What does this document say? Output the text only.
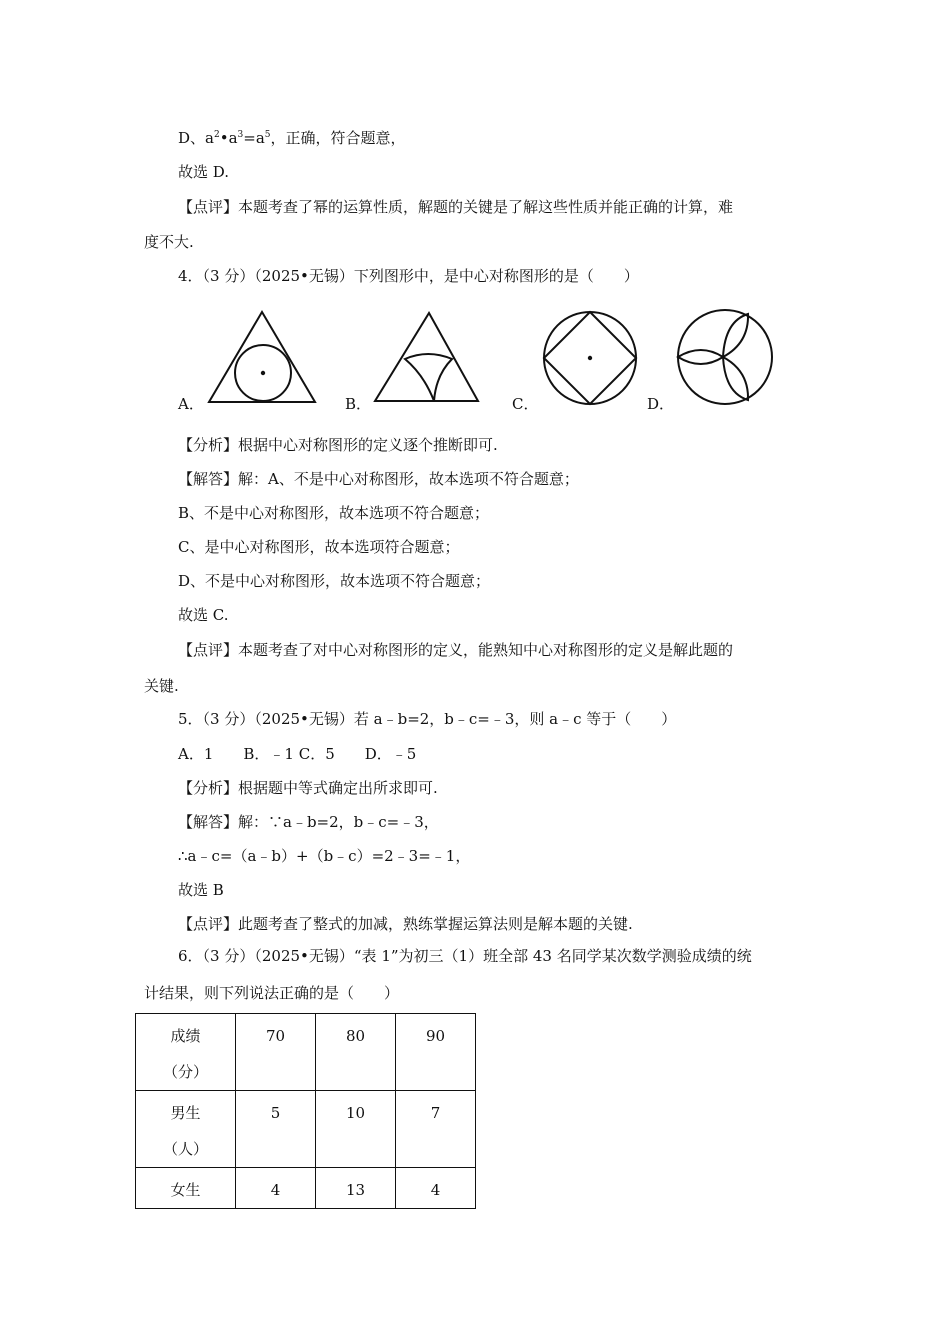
D、$a^2•a^3=a^5$，正确，符合题意，
故选 D.
【点评】本题考查了幂的运算性质，解题的关键是了解这些性质并能正确的计算，难
度不大.
4．（3 分）（2025•无锡）下列图形中，是中心对称图形的是（　　）
A．	B．	C．	D．
【分析】根据中心对称图形的定义逐个推断即可.
【解答】解：A、不是中心对称图形，故本选项不符合题意；
B、不是中心对称图形，故本选项不符合题意；
C、是中心对称图形，故本选项符合题意；
D、不是中心对称图形，故本选项不符合题意；
故选 C.
【点评】本题考查了对中心对称图形的定义，能熟知中心对称图形的定义是解此题的
关键.
5．（3 分）（2025•无锡）若 a﹣b=2，b﹣c=﹣3，则 a﹣c 等于（　　）
A．1　　B．﹣1 C．5　　D．﹣5
【分析】根据题中等式确定出所求即可.
【解答】解：∵a﹣b=2，b﹣c=﹣3，
∴a﹣c=（a﹣b）+（b﹣c）=2﹣3=﹣1，
故选 B
【点评】此题考查了整式的加减，熟练掌握运算法则是解本题的关键.
6．（3 分）（2025•无锡）“表 1”为初三（1）班全部 43 名同学某次数学测验成绩的统
计结果，则下列说法正确的是（　　）
成绩
（分）	70	80	90
男生
（人）	5	10	7
女生	4	13	4
